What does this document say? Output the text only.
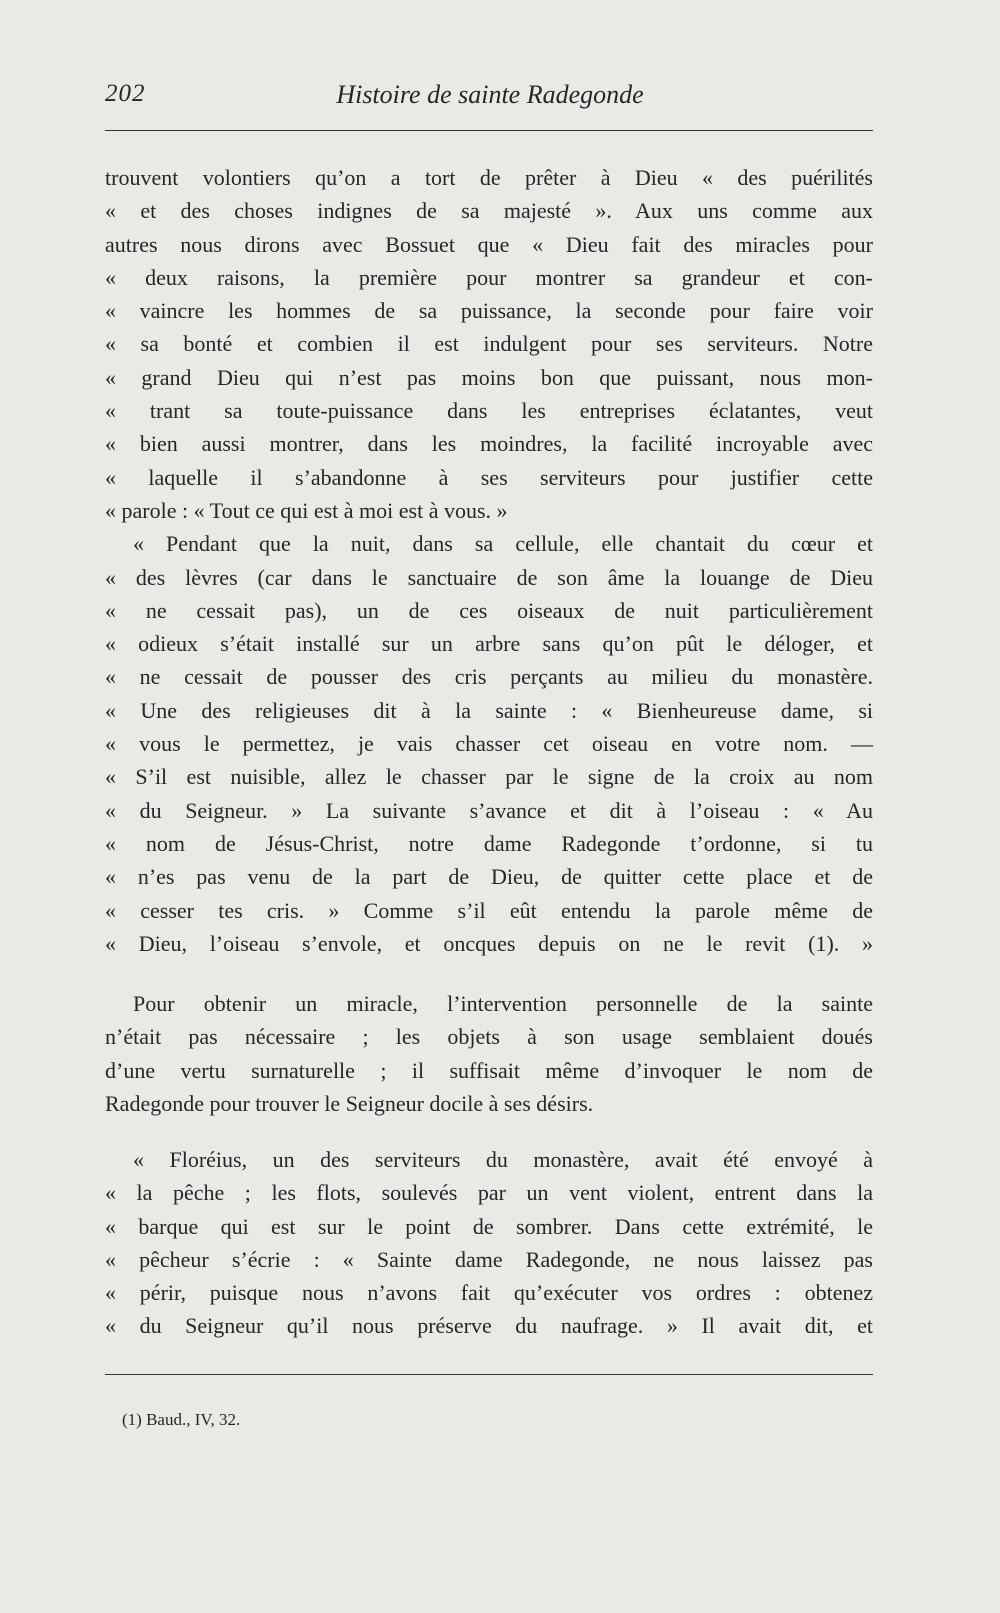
202	Histoire de sainte Radegonde
trouvent volontiers qu’on a tort de prêter à Dieu « des puérilités
« et des choses indignes de sa majesté ». Aux uns comme aux
autres nous dirons avec Bossuet que « Dieu fait des miracles pour
« deux raisons, la première pour montrer sa grandeur et con-
« vaincre les hommes de sa puissance, la seconde pour faire voir
« sa bonté et combien il est indulgent pour ses serviteurs. Notre
« grand Dieu qui n’est pas moins bon que puissant, nous mon-
« trant sa toute-puissance dans les entreprises éclatantes, veut
« bien aussi montrer, dans les moindres, la facilité incroyable avec
« laquelle il s’abandonne à ses serviteurs pour justifier cette
« parole : « Tout ce qui est à moi est à vous. »
« Pendant que la nuit, dans sa cellule, elle chantait du cœur et
« des lèvres (car dans le sanctuaire de son âme la louange de Dieu
« ne cessait pas), un de ces oiseaux de nuit particulièrement
« odieux s’était installé sur un arbre sans qu’on pût le déloger, et
« ne cessait de pousser des cris perçants au milieu du monastère.
« Une des religieuses dit à la sainte : « Bienheureuse dame, si
« vous le permettez, je vais chasser cet oiseau en votre nom. —
« S’il est nuisible, allez le chasser par le signe de la croix au nom
« du Seigneur. » La suivante s’avance et dit à l’oiseau : « Au
« nom de Jésus-Christ, notre dame Radegonde t’ordonne, si tu
« n’es pas venu de la part de Dieu, de quitter cette place et de
« cesser tes cris. » Comme s’il eût entendu la parole même de
« Dieu, l’oiseau s’envole, et oncques depuis on ne le revit (1). »
Pour obtenir un miracle, l’intervention personnelle de la sainte
n’était pas nécessaire ; les objets à son usage semblaient doués
d’une vertu surnaturelle ; il suffisait même d’invoquer le nom de
Radegonde pour trouver le Seigneur docile à ses désirs.
« Floréius, un des serviteurs du monastère, avait été envoyé à
« la pêche ; les flots, soulevés par un vent violent, entrent dans la
« barque qui est sur le point de sombrer. Dans cette extrémité, le
« pêcheur s’écrie : « Sainte dame Radegonde, ne nous laissez pas
« périr, puisque nous n’avons fait qu’exécuter vos ordres : obtenez
« du Seigneur qu’il nous préserve du naufrage. » Il avait dit, et
(1) Baud., IV, 32.
